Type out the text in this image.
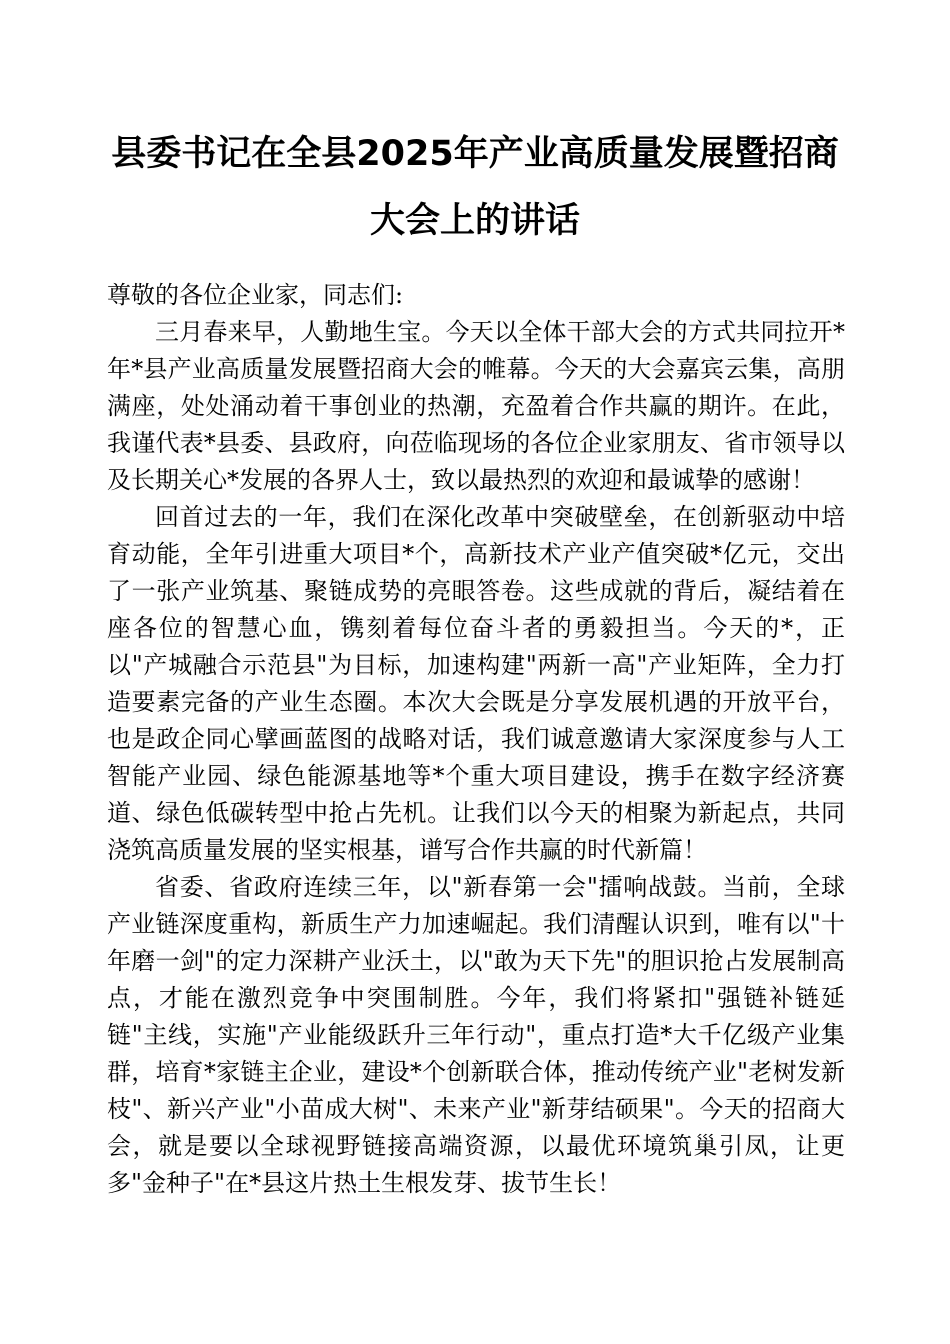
县委书记在全县2025年产业高质量发展暨招商
大会上的讲话

尊敬的各位企业家，同志们:

三月春来早，人勤地生宝。今天以全体干部大会的方式共同拉开*年*县产业高质量发展暨招商大会的帷幕。今天的大会嘉宾云集，高朋满座，处处涌动着干事创业的热潮，充盈着合作共赢的期许。在此，我谨代表*县委、县政府，向莅临现场的各位企业家朋友、省市领导以及长期关心*发展的各界人士，致以最热烈的欢迎和最诚挚的感谢！

回首过去的一年，我们在深化改革中突破壁垒，在创新驱动中培育动能，全年引进重大项目*个，高新技术产业产值突破*亿元，交出了一张产业筑基、聚链成势的亮眼答卷。这些成就的背后，凝结着在座各位的智慧心血，镌刻着每位奋斗者的勇毅担当。今天的*，正以"产城融合示范县"为目标，加速构建"两新一高"产业矩阵，全力打造要素完备的产业生态圈。本次大会既是分享发展机遇的开放平台，也是政企同心擘画蓝图的战略对话，我们诚意邀请大家深度参与人工智能产业园、绿色能源基地等*个重大项目建设，携手在数字经济赛道、绿色低碳转型中抢占先机。让我们以今天的相聚为新起点，共同浇筑高质量发展的坚实根基，谱写合作共赢的时代新篇！

省委、省政府连续三年，以"新春第一会"擂响战鼓。当前，全球产业链深度重构，新质生产力加速崛起。我们清醒认识到，唯有以"十年磨一剑"的定力深耕产业沃土，以"敢为天下先"的胆识抢占发展制高点，才能在激烈竞争中突围制胜。今年，我们将紧扣"强链补链延链"主线，实施"产业能级跃升三年行动"，重点打造*大千亿级产业集群，培育*家链主企业，建设*个创新联合体，推动传统产业"老树发新枝"、新兴产业"小苗成大树"、未来产业"新芽结硕果"。今天的招商大会，就是要以全球视野链接高端资源，以最优环境筑巢引凤，让更多"金种子"在*县这片热土生根发芽、拔节生长！
